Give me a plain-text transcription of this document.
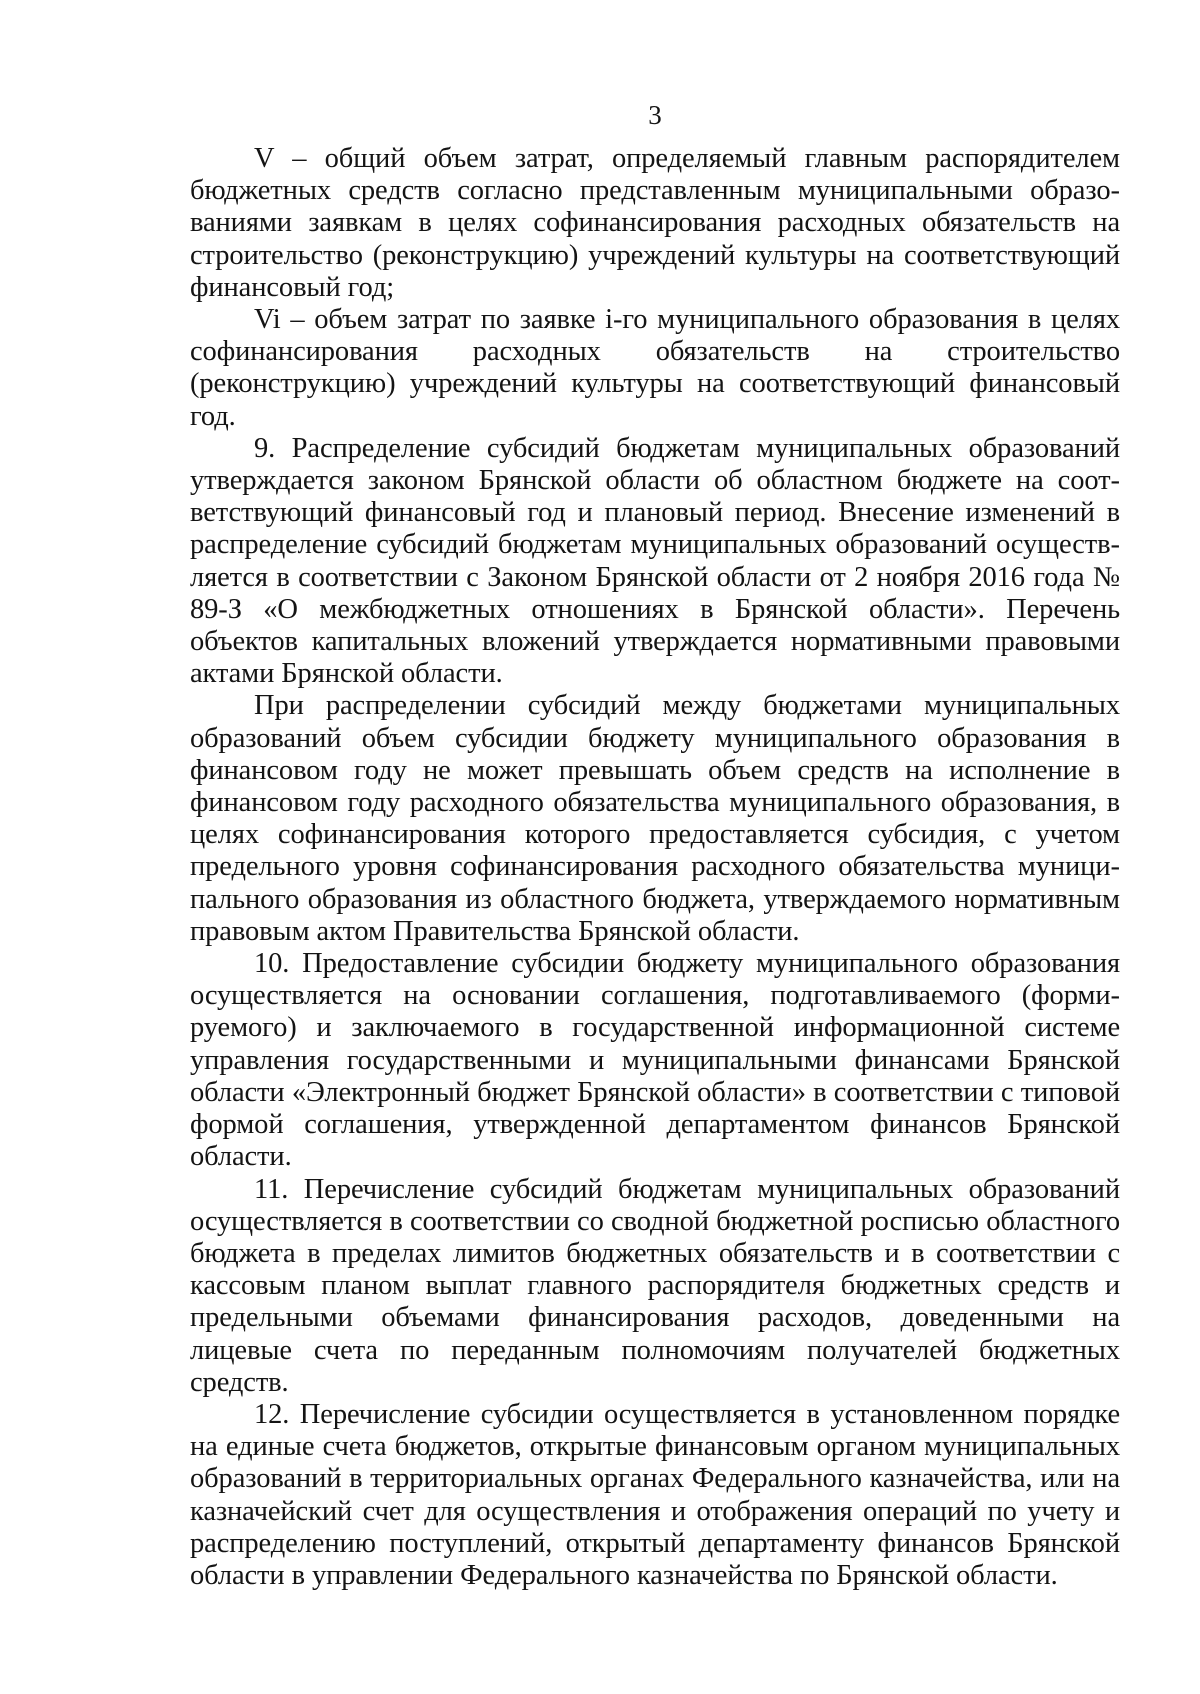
3

V – общий объем затрат, определяемый главным распорядителем бюджетных средств согласно представленным муниципальными образованиями заявкам в целях софинансирования расходных обязательств на строительство (реконструкцию) учреждений культуры на соответствующий финансовый год;

Vi – объем затрат по заявке i-го муниципального образования в целях софинансирования расходных обязательств на строительство (реконструкцию) учреждений культуры на соответствующий финансовый год.

9. Распределение субсидий бюджетам муниципальных образований утверждается законом Брянской области об областном бюджете на соответствующий финансовый год и плановый период. Внесение изменений в распределение субсидий бюджетам муниципальных образований осуществляется в соответствии с Законом Брянской области от 2 ноября 2016 года № 89-З «О межбюджетных отношениях в Брянской области». Перечень объектов капитальных вложений утверждается нормативными правовыми актами Брянской области.

При распределении субсидий между бюджетами муниципальных образований объем субсидии бюджету муниципального образования в финансовом году не может превышать объем средств на исполнение в финансовом году расходного обязательства муниципального образования, в целях софинансирования которого предоставляется субсидия, с учетом предельного уровня софинансирования расходного обязательства муниципального образования из областного бюджета, утверждаемого нормативным правовым актом Правительства Брянской области.

10. Предоставление субсидии бюджету муниципального образования осуществляется на основании соглашения, подготавливаемого (формируемого) и заключаемого в государственной информационной системе управления государственными и муниципальными финансами Брянской области «Электронный бюджет Брянской области» в соответствии с типовой формой соглашения, утвержденной департаментом финансов Брянской области.

11. Перечисление субсидий бюджетам муниципальных образований осуществляется в соответствии со сводной бюджетной росписью областного бюджета в пределах лимитов бюджетных обязательств и в соответствии с кассовым планом выплат главного распорядителя бюджетных средств и предельными объемами финансирования расходов, доведенными на лицевые счета по переданным полномочиям получателей бюджетных средств.

12. Перечисление субсидии осуществляется в установленном порядке на единые счета бюджетов, открытые финансовым органом муниципальных образований в территориальных органах Федерального казначейства, или на казначейский счет для осуществления и отображения операций по учету и распределению поступлений, открытый департаменту финансов Брянской области в управлении Федерального казначейства по Брянской области.
